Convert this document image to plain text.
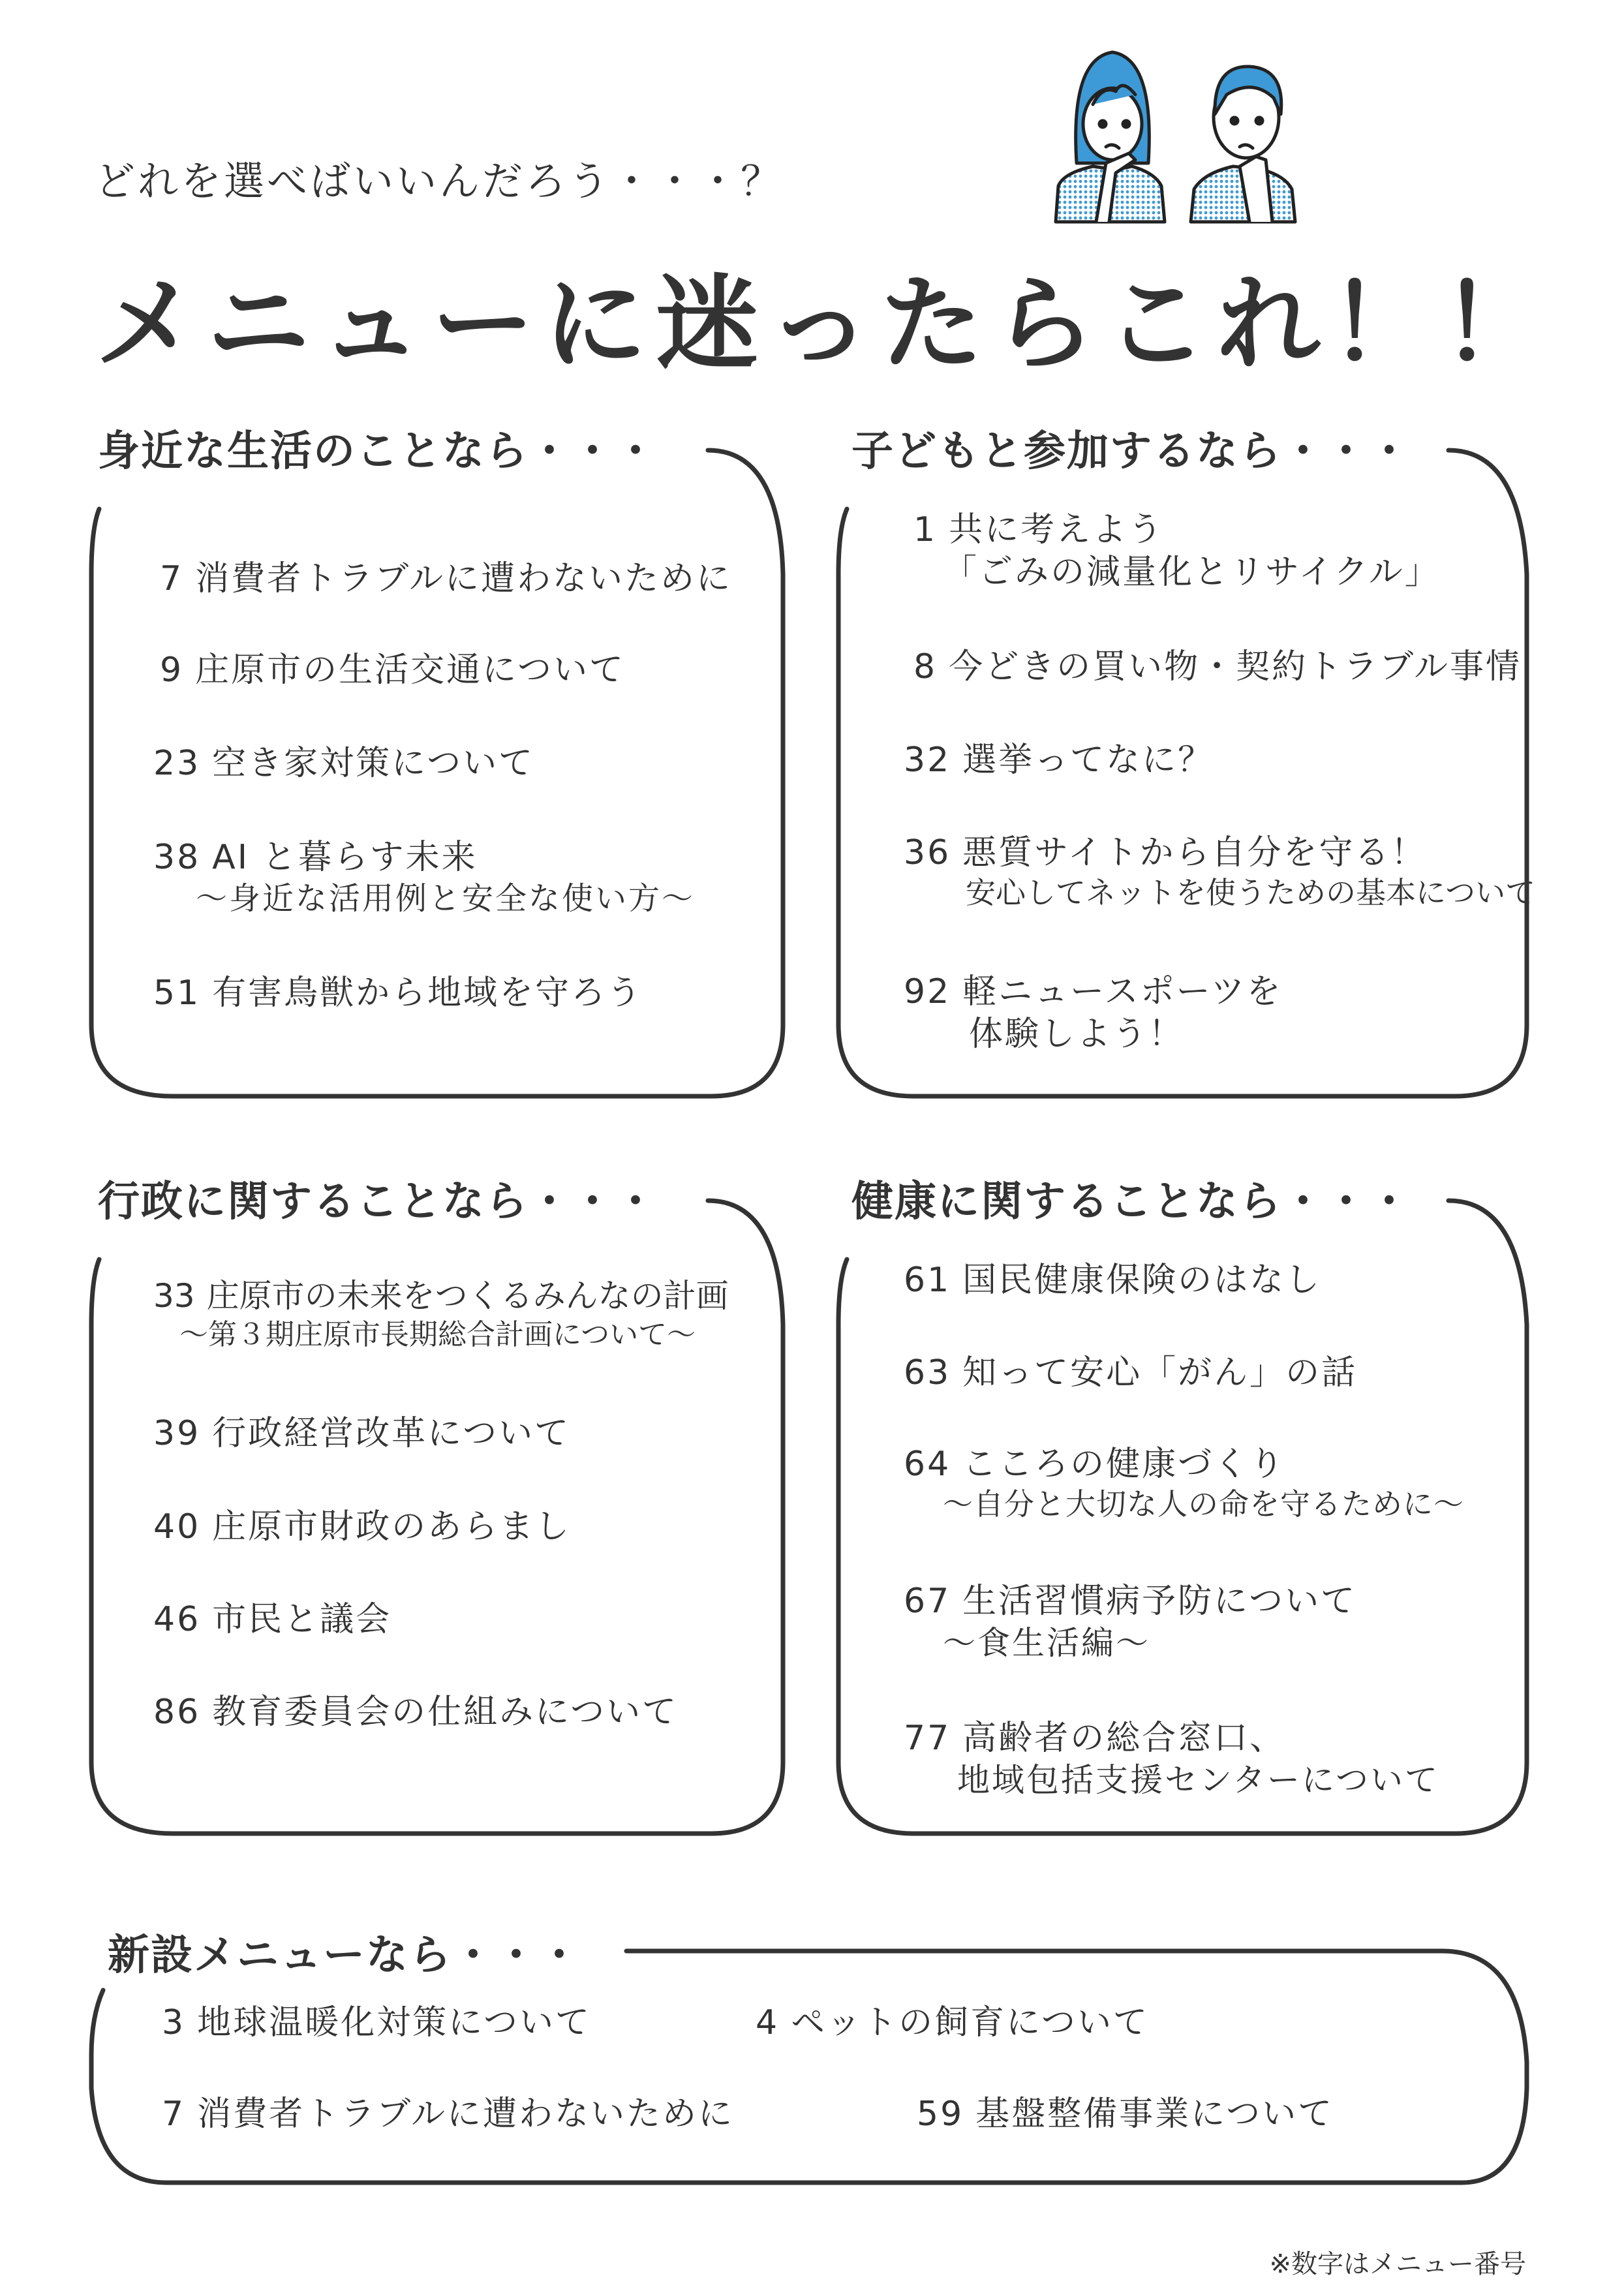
どれを選べばいいんだろう・・・？
メニューに迷ったらこれ！！
身近な生活のことなら・・・
7 消費者トラブルに遭わないために
9 庄原市の生活交通について
23 空き家対策について
38 AI と暮らす未来
〜身近な活用例と安全な使い方〜
51 有害鳥獣から地域を守ろう
子どもと参加するなら・・・
1 共に考えよう
「ごみの減量化とリサイクル」
8 今どきの買い物・契約トラブル事情
32 選挙ってなに？
36 悪質サイトから自分を守る！
安心してネットを使うための基本について
92 軽ニュースポーツを
体験しよう！
行政に関することなら・・・
33 庄原市の未来をつくるみんなの計画
〜第３期庄原市長期総合計画について〜
39 行政経営改革について
40 庄原市財政のあらまし
46 市民と議会
86 教育委員会の仕組みについて
健康に関することなら・・・
61 国民健康保険のはなし
63 知って安心「がん」の話
64 こころの健康づくり
〜自分と大切な人の命を守るために〜
67 生活習慣病予防について
〜食生活編〜
77 高齢者の総合窓口、
地域包括支援センターについて
新設メニューなら・・・
3 地球温暖化対策について	4 ペットの飼育について
7 消費者トラブルに遭わないために	59 基盤整備事業について
※数字はメニュー番号
